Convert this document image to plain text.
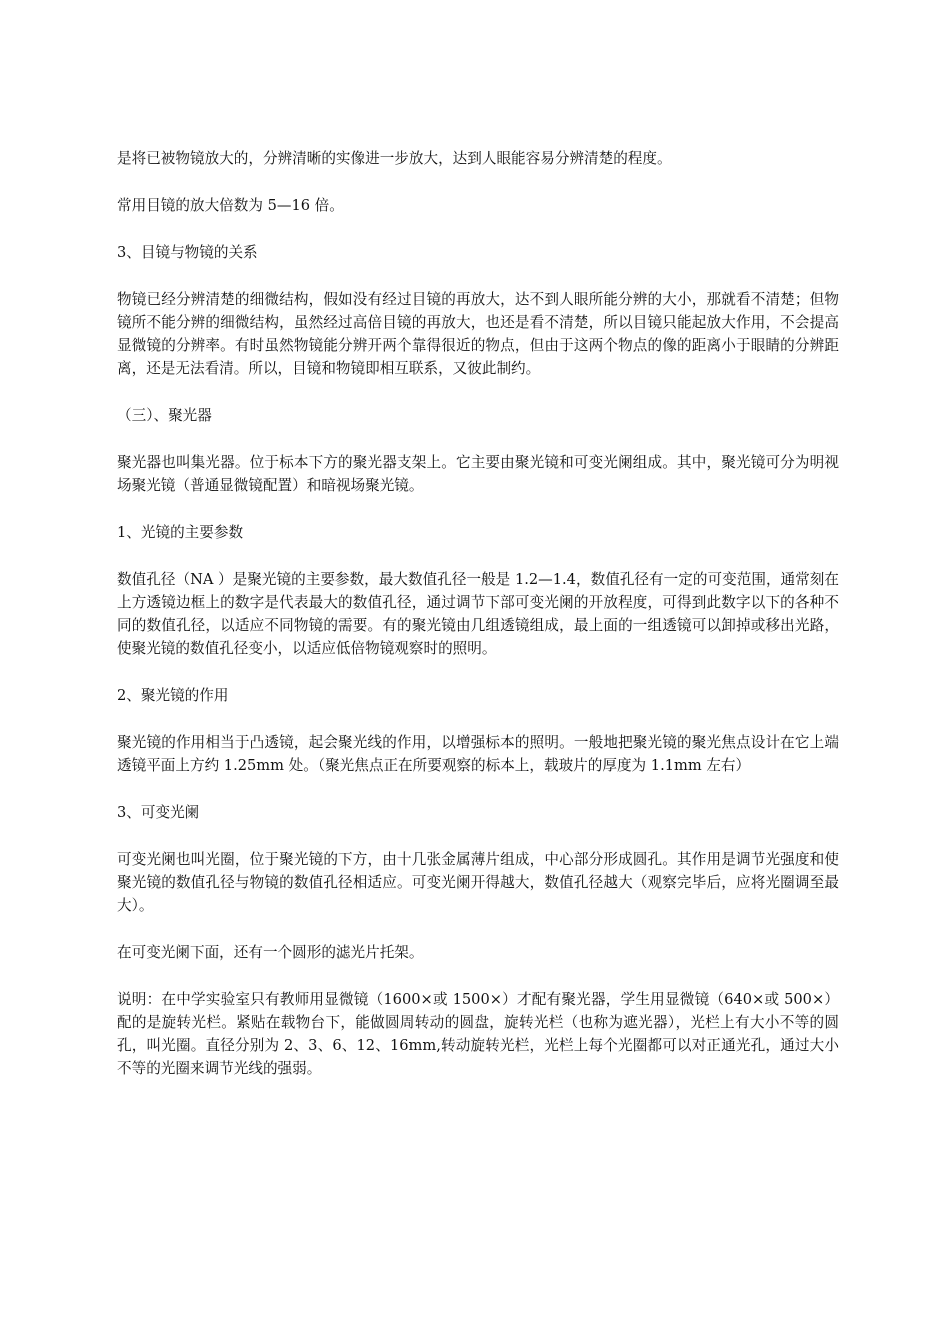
是将已被物镜放大的，分辨清晰的实像进一步放大，达到人眼能容易分辨清楚的程度。

常用目镜的放大倍数为 5—16 倍。

3、目镜与物镜的关系

物镜已经分辨清楚的细微结构，假如没有经过目镜的再放大，达不到人眼所能分辨的大小，那就看不清楚；但物镜所不能分辨的细微结构，虽然经过高倍目镜的再放大，也还是看不清楚，所以目镜只能起放大作用，不会提高显微镜的分辨率。有时虽然物镜能分辨开两个靠得很近的物点，但由于这两个物点的像的距离小于眼睛的分辨距离，还是无法看清。所以，目镜和物镜即相互联系，又彼此制约。

（三）、聚光器

聚光器也叫集光器。位于标本下方的聚光器支架上。它主要由聚光镜和可变光阑组成。其中，聚光镜可分为明视场聚光镜（普通显微镜配置）和暗视场聚光镜。

1、光镜的主要参数

数值孔径（NA ）是聚光镜的主要参数，最大数值孔径一般是 1.2—1.4，数值孔径有一定的可变范围，通常刻在上方透镜边框上的数字是代表最大的数值孔径，通过调节下部可变光阑的开放程度，可得到此数字以下的各种不同的数值孔径，以适应不同物镜的需要。有的聚光镜由几组透镜组成，最上面的一组透镜可以卸掉或移出光路，使聚光镜的数值孔径变小，以适应低倍物镜观察时的照明。

2、聚光镜的作用

聚光镜的作用相当于凸透镜，起会聚光线的作用，以增强标本的照明。一般地把聚光镜的聚光焦点设计在它上端透镜平面上方约 1.25mm 处。（聚光焦点正在所要观察的标本上，载玻片的厚度为 1.1mm 左右）

3、可变光阑

可变光阑也叫光圈，位于聚光镜的下方，由十几张金属薄片组成，中心部分形成圆孔。其作用是调节光强度和使聚光镜的数值孔径与物镜的数值孔径相适应。可变光阑开得越大，数值孔径越大（观察完毕后，应将光圈调至最大）。

在可变光阑下面，还有一个圆形的滤光片托架。

说明：在中学实验室只有教师用显微镜（1600×或 1500×）才配有聚光器，学生用显微镜（640×或 500×）配的是旋转光栏。紧贴在载物台下，能做圆周转动的圆盘，旋转光栏（也称为遮光器），光栏上有大小不等的圆孔，叫光圈。直径分别为 2、3、6、12、16mm,转动旋转光栏，光栏上每个光圈都可以对正通光孔，通过大小不等的光圈来调节光线的强弱。
